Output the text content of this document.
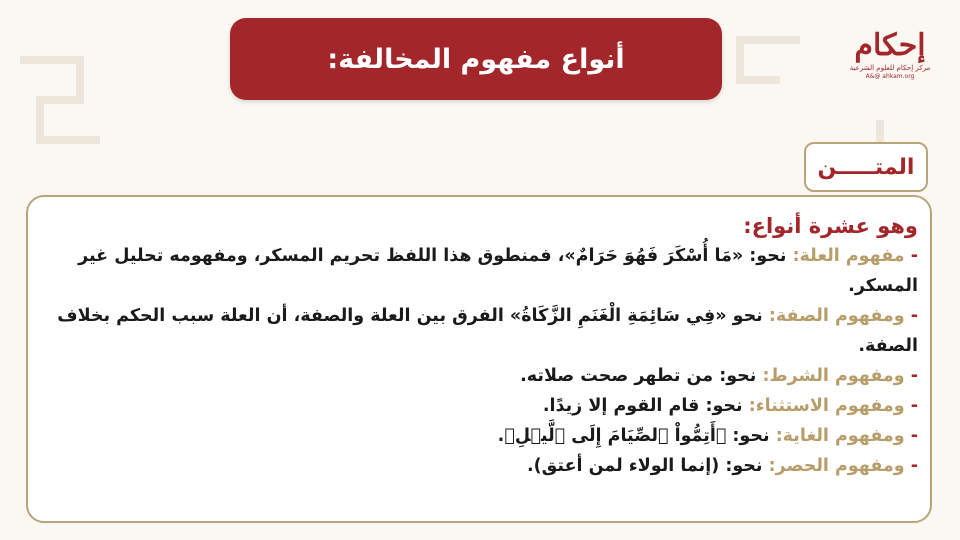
أنواع مفهوم المخالفة:	إحكام
مركز إحكام للعلوم الشرعية
A&@ ahkam.org
المتـــــن

وهو عشرة أنواع:

- مفهوم العلة: نحو: «مَا أُسْكَرَ فَهُوَ حَرَامٌ»، فمنطوق هذا اللفظ تحريم المسكر، ومفهومه تحليل غير المسكر.

- ومفهوم الصفة: نحو «فِي سَائِمَةِ الْغَنَمِ الزَّكَاةُ» الفرق بين العلة والصفة، أن العلة سبب الحكم بخلاف الصفة.

- ومفهوم الشرط: نحو: من تطهر صحت صلاته.

- ومفهوم الاستثناء: نحو: قام القوم إلا زيدًا.

- ومفهوم الغاية: نحو: ﴿أَتِمُّواْ ٱلصِّيَامَ إِلَى ٱلَّيۡلِ﴾.

- ومفهوم الحصر: نحو: (إنما الولاء لمن أعتق).
